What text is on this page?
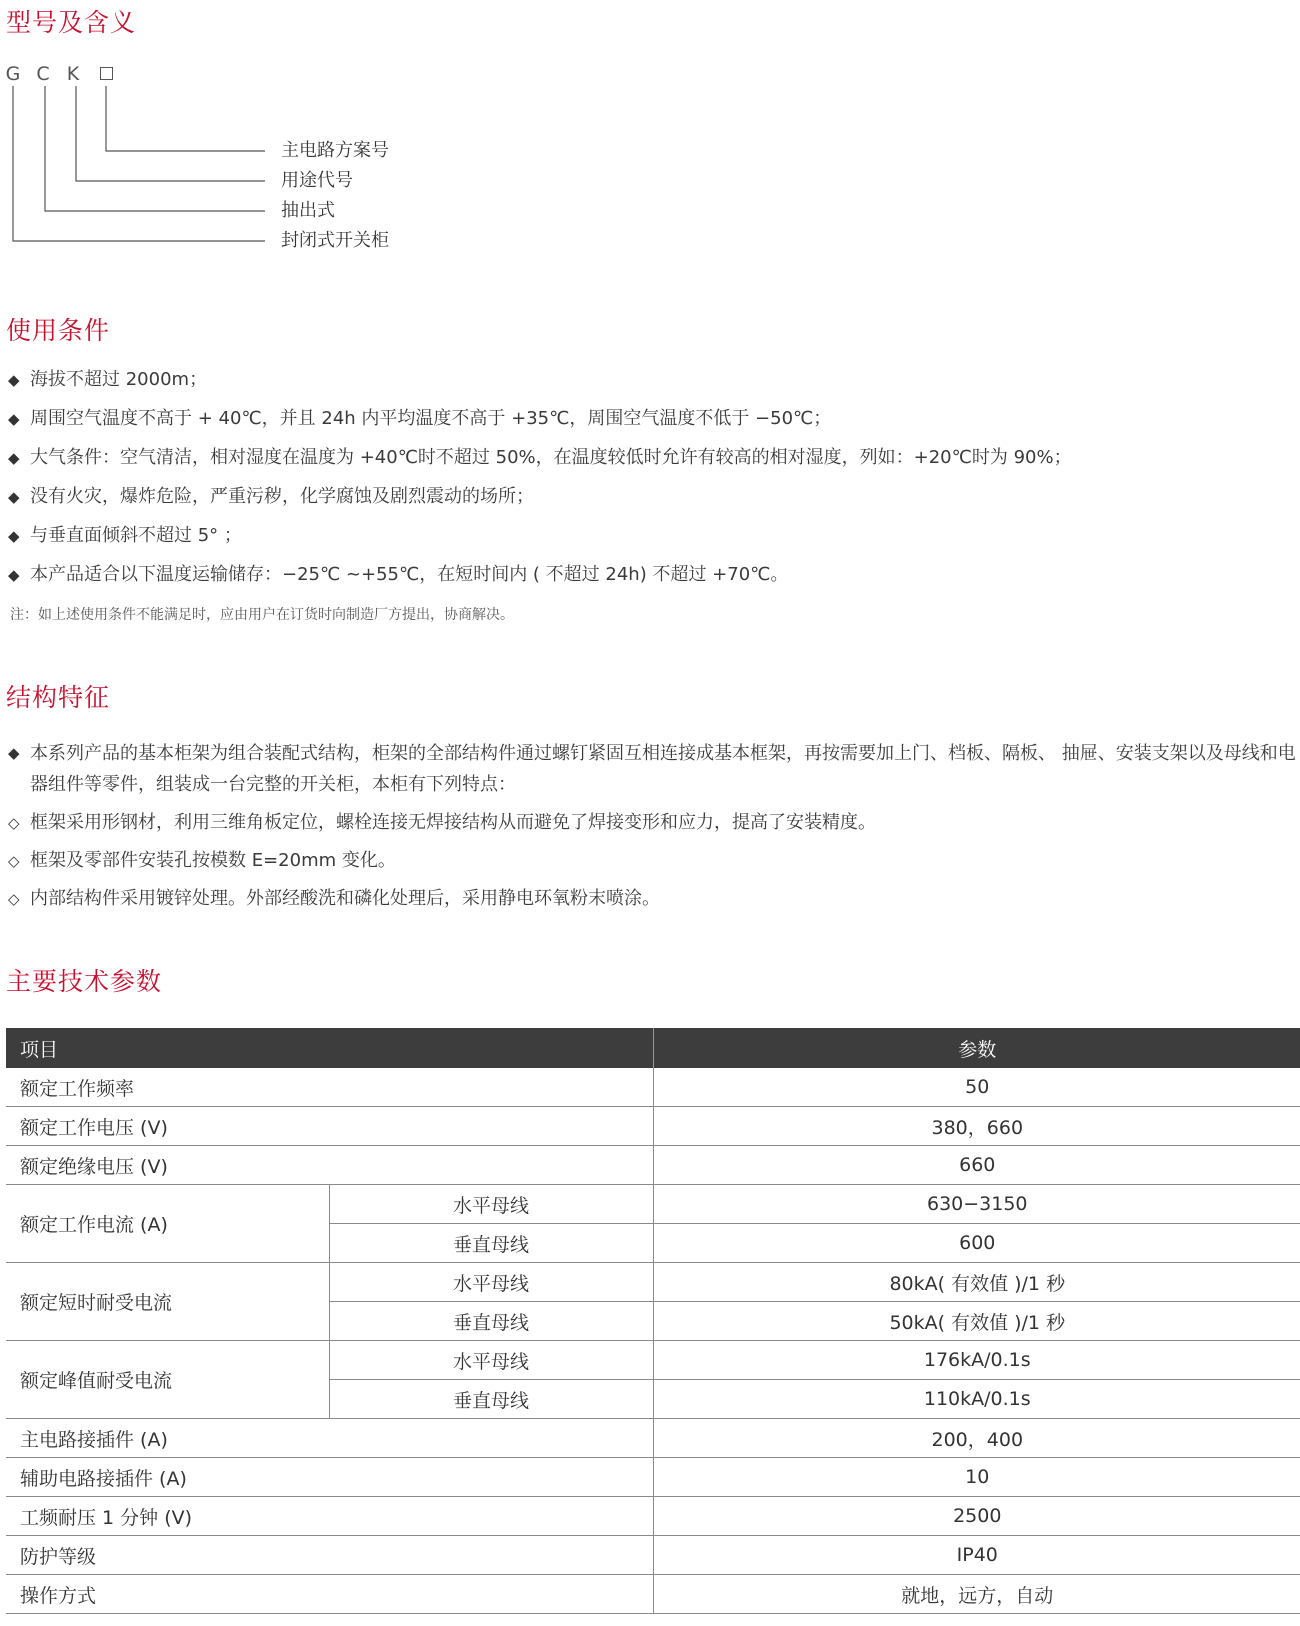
型号及含义
G C K
主电路方案号
用途代号
抽出式
封闭式开关柜
使用条件
◆ 海拔不超过 2000m；
◆ 周围空气温度不高于 + 40℃，并且 24h 内平均温度不高于 +35℃，周围空气温度不低于 −50℃；
◆ 大气条件：空气清洁，相对湿度在温度为 +40℃时不超过 50%，在温度较低时允许有较高的相对湿度，列如：+20℃时为 90%；
◆ 没有火灾，爆炸危险，严重污秽，化学腐蚀及剧烈震动的场所；
◆ 与垂直面倾斜不超过 5° ；
◆ 本产品适合以下温度运输储存：−25℃ ~+55℃，在短时间内 ( 不超过 24h) 不超过 +70℃。
注：如上述使用条件不能满足时，应由用户在订货时向制造厂方提出，协商解决。
结构特征
◆ 本系列产品的基本柜架为组合装配式结构，柜架的全部结构件通过螺钉紧固互相连接成基本框架，再按需要加上门、档板、隔板、 抽屉、安装支架以及母线和电器组件等零件，组装成一台完整的开关柜，本柜有下列特点：
◇ 框架采用形钢材，利用三维角板定位，螺栓连接无焊接结构从而避免了焊接变形和应力，提高了安装精度。
◇ 框架及零部件安装孔按模数 E=20mm 变化。
◇ 内部结构件采用镀锌处理。外部经酸洗和磷化处理后，采用静电环氧粉末喷涂。
主要技术参数
项目		参数
额定工作频率		50
额定工作电压 (V)		380，660
额定绝缘电压 (V)		660
额定工作电流 (A)	水平母线	630−3150
	垂直母线	600
额定短时耐受电流	水平母线	80kA( 有效值 )/1 秒
	垂直母线	50kA( 有效值 )/1 秒
额定峰值耐受电流	水平母线	176kA/0.1s
	垂直母线	110kA/0.1s
主电路接插件 (A)		200，400
辅助电路接插件 (A)		10
工频耐压 1 分钟 (V)		2500
防护等级		IP40
操作方式		就地，远方，自动
